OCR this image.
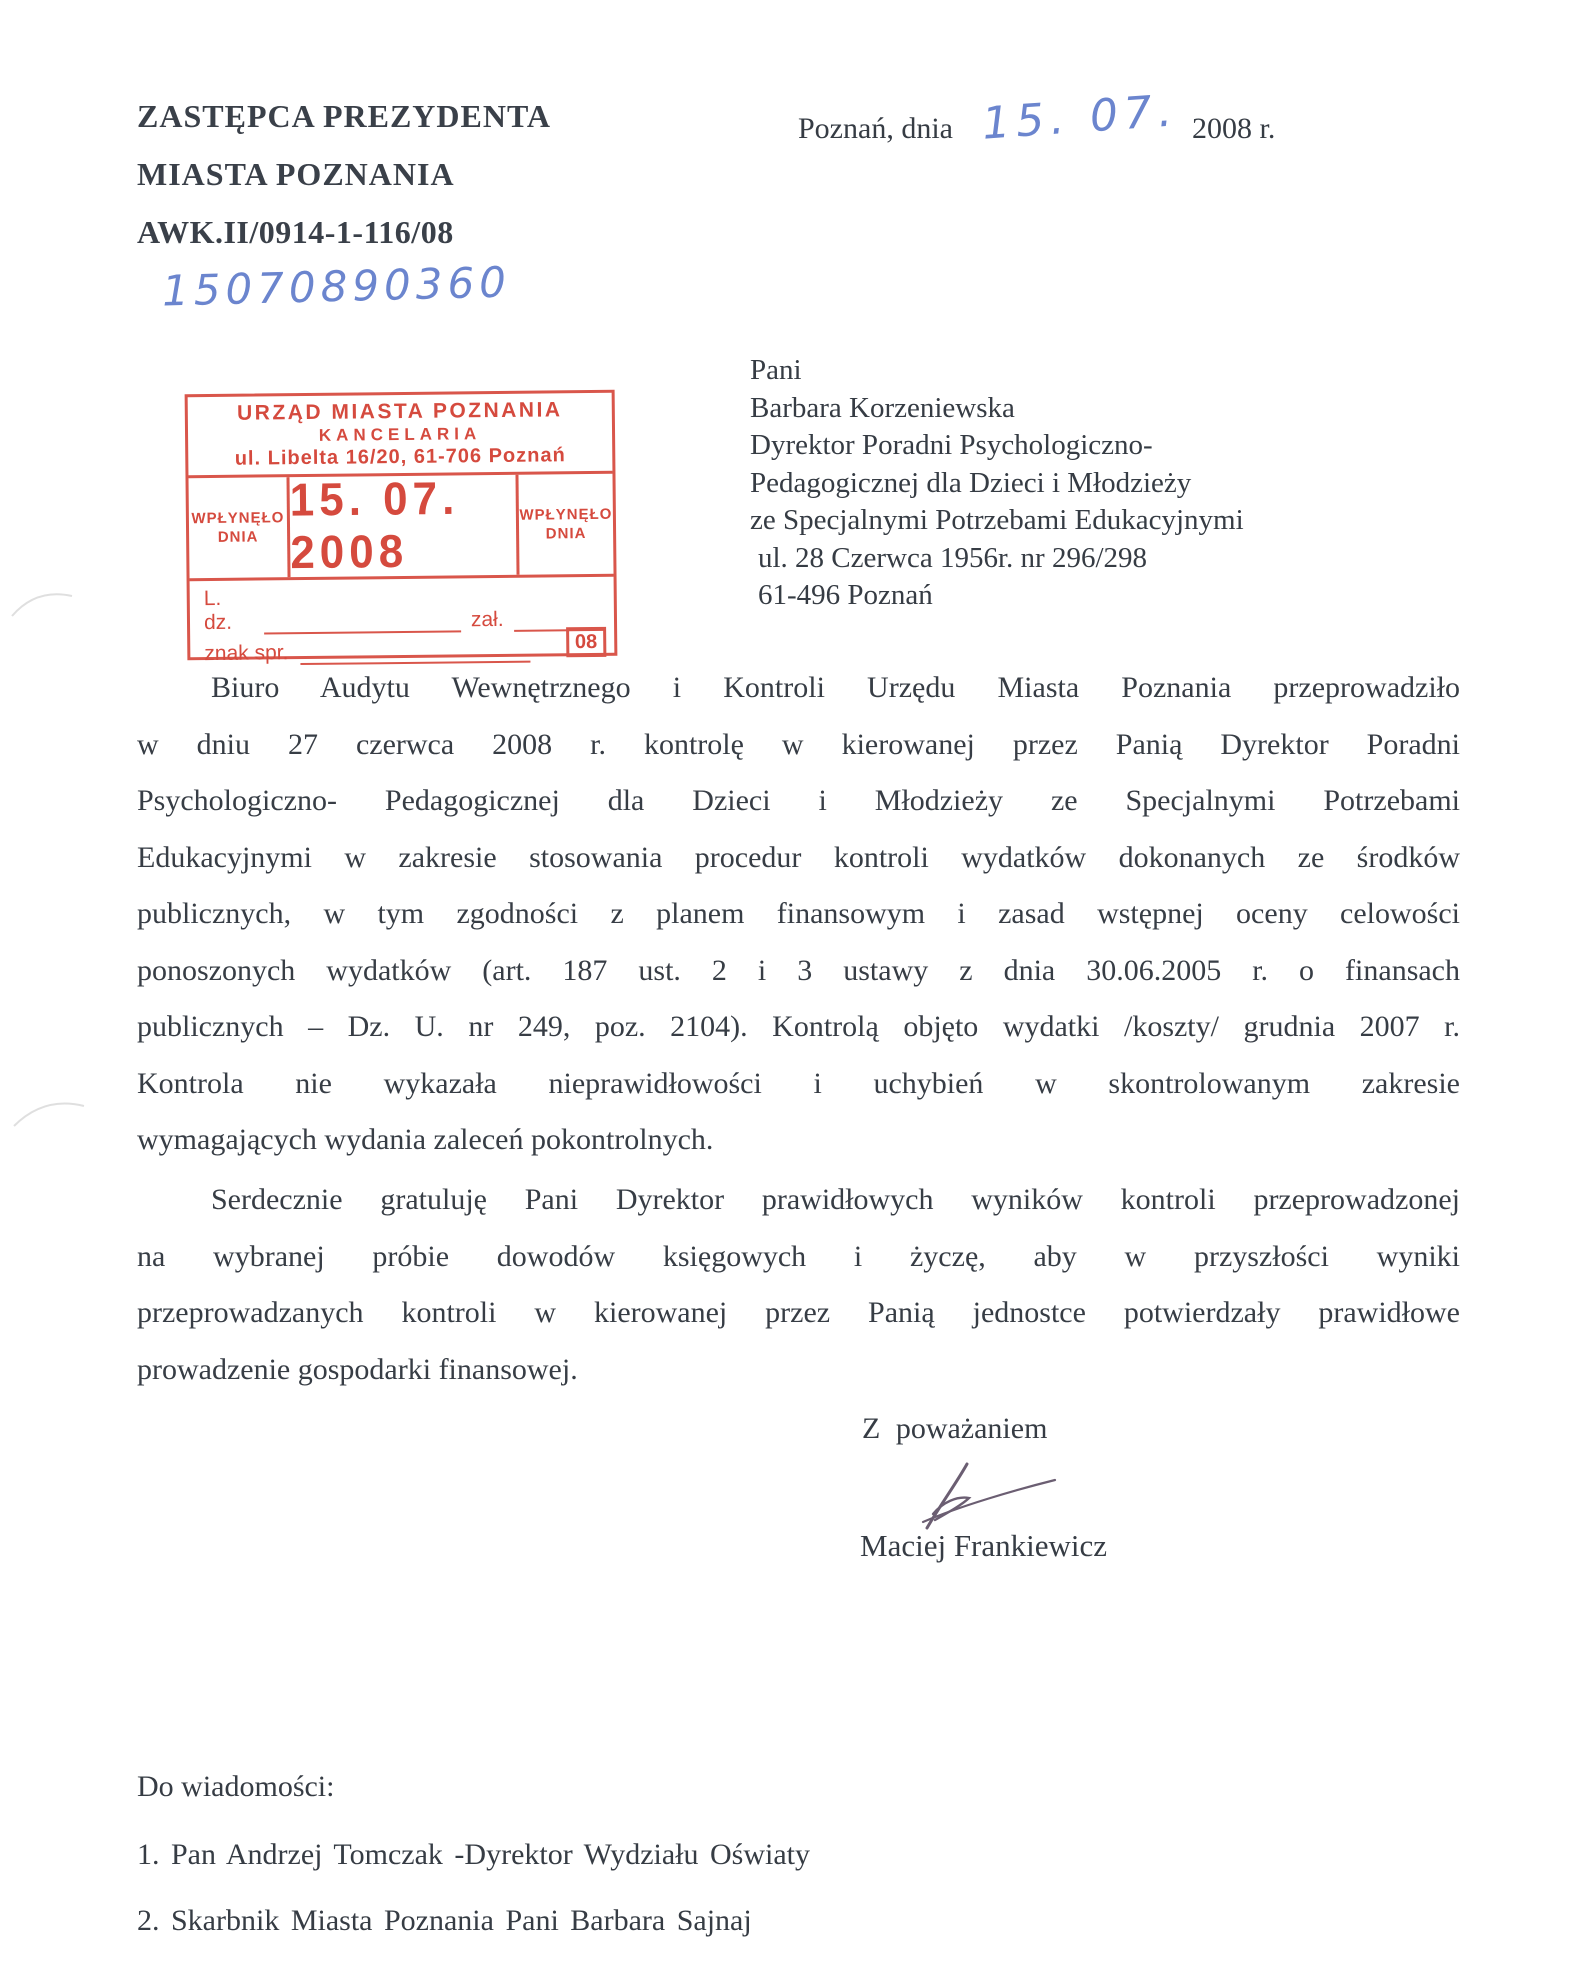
ZASTĘPCA PREZYDENTA
MIASTA POZNANIA
AWK.II/0914-1-116/08
15070890360
Poznań, dnia 15. 07. 2008 r.
URZĄD MIASTA POZNANIA
KANCELARIA
ul. Libelta 16/20, 61-706 Poznań
WPŁYNĘŁO
DNIA
15. 07. 2008
WPŁYNĘŁO
DNIA
L. dz.	zał.
znak spr.	08
Pani
Barbara Korzeniewska
Dyrektor Poradni Psychologiczno-
Pedagogicznej dla Dzieci i Młodzieży
ze Specjalnymi Potrzebami Edukacyjnymi
ul. 28 Czerwca 1956r. nr 296/298
61-496 Poznań
Biuro Audytu Wewnętrznego i Kontroli Urzędu Miasta Poznania przeprowadziło
w dniu 27 czerwca 2008 r. kontrolę w kierowanej przez Panią Dyrektor Poradni
Psychologiczno- Pedagogicznej dla Dzieci i Młodzieży ze Specjalnymi Potrzebami
Edukacyjnymi w zakresie stosowania procedur kontroli wydatków dokonanych ze środków
publicznych, w tym zgodności z planem finansowym i zasad wstępnej oceny celowości
ponoszonych wydatków (art. 187 ust. 2 i 3 ustawy z dnia 30.06.2005 r. o finansach
publicznych – Dz. U. nr 249, poz. 2104). Kontrolą objęto wydatki /koszty/ grudnia 2007 r.
Kontrola nie wykazała nieprawidłowości i uchybień w skontrolowanym zakresie
wymagających wydania zaleceń pokontrolnych.
Serdecznie gratuluję Pani Dyrektor prawidłowych wyników kontroli przeprowadzonej
na wybranej próbie dowodów księgowych i życzę, aby w przyszłości wyniki
przeprowadzanych kontroli w kierowanej przez Panią jednostce potwierdzały prawidłowe
prowadzenie gospodarki finansowej.
Z poważaniem
Maciej Frankiewicz
Do wiadomości:
1. Pan Andrzej Tomczak -Dyrektor Wydziału Oświaty
2. Skarbnik Miasta Poznania Pani Barbara Sajnaj
